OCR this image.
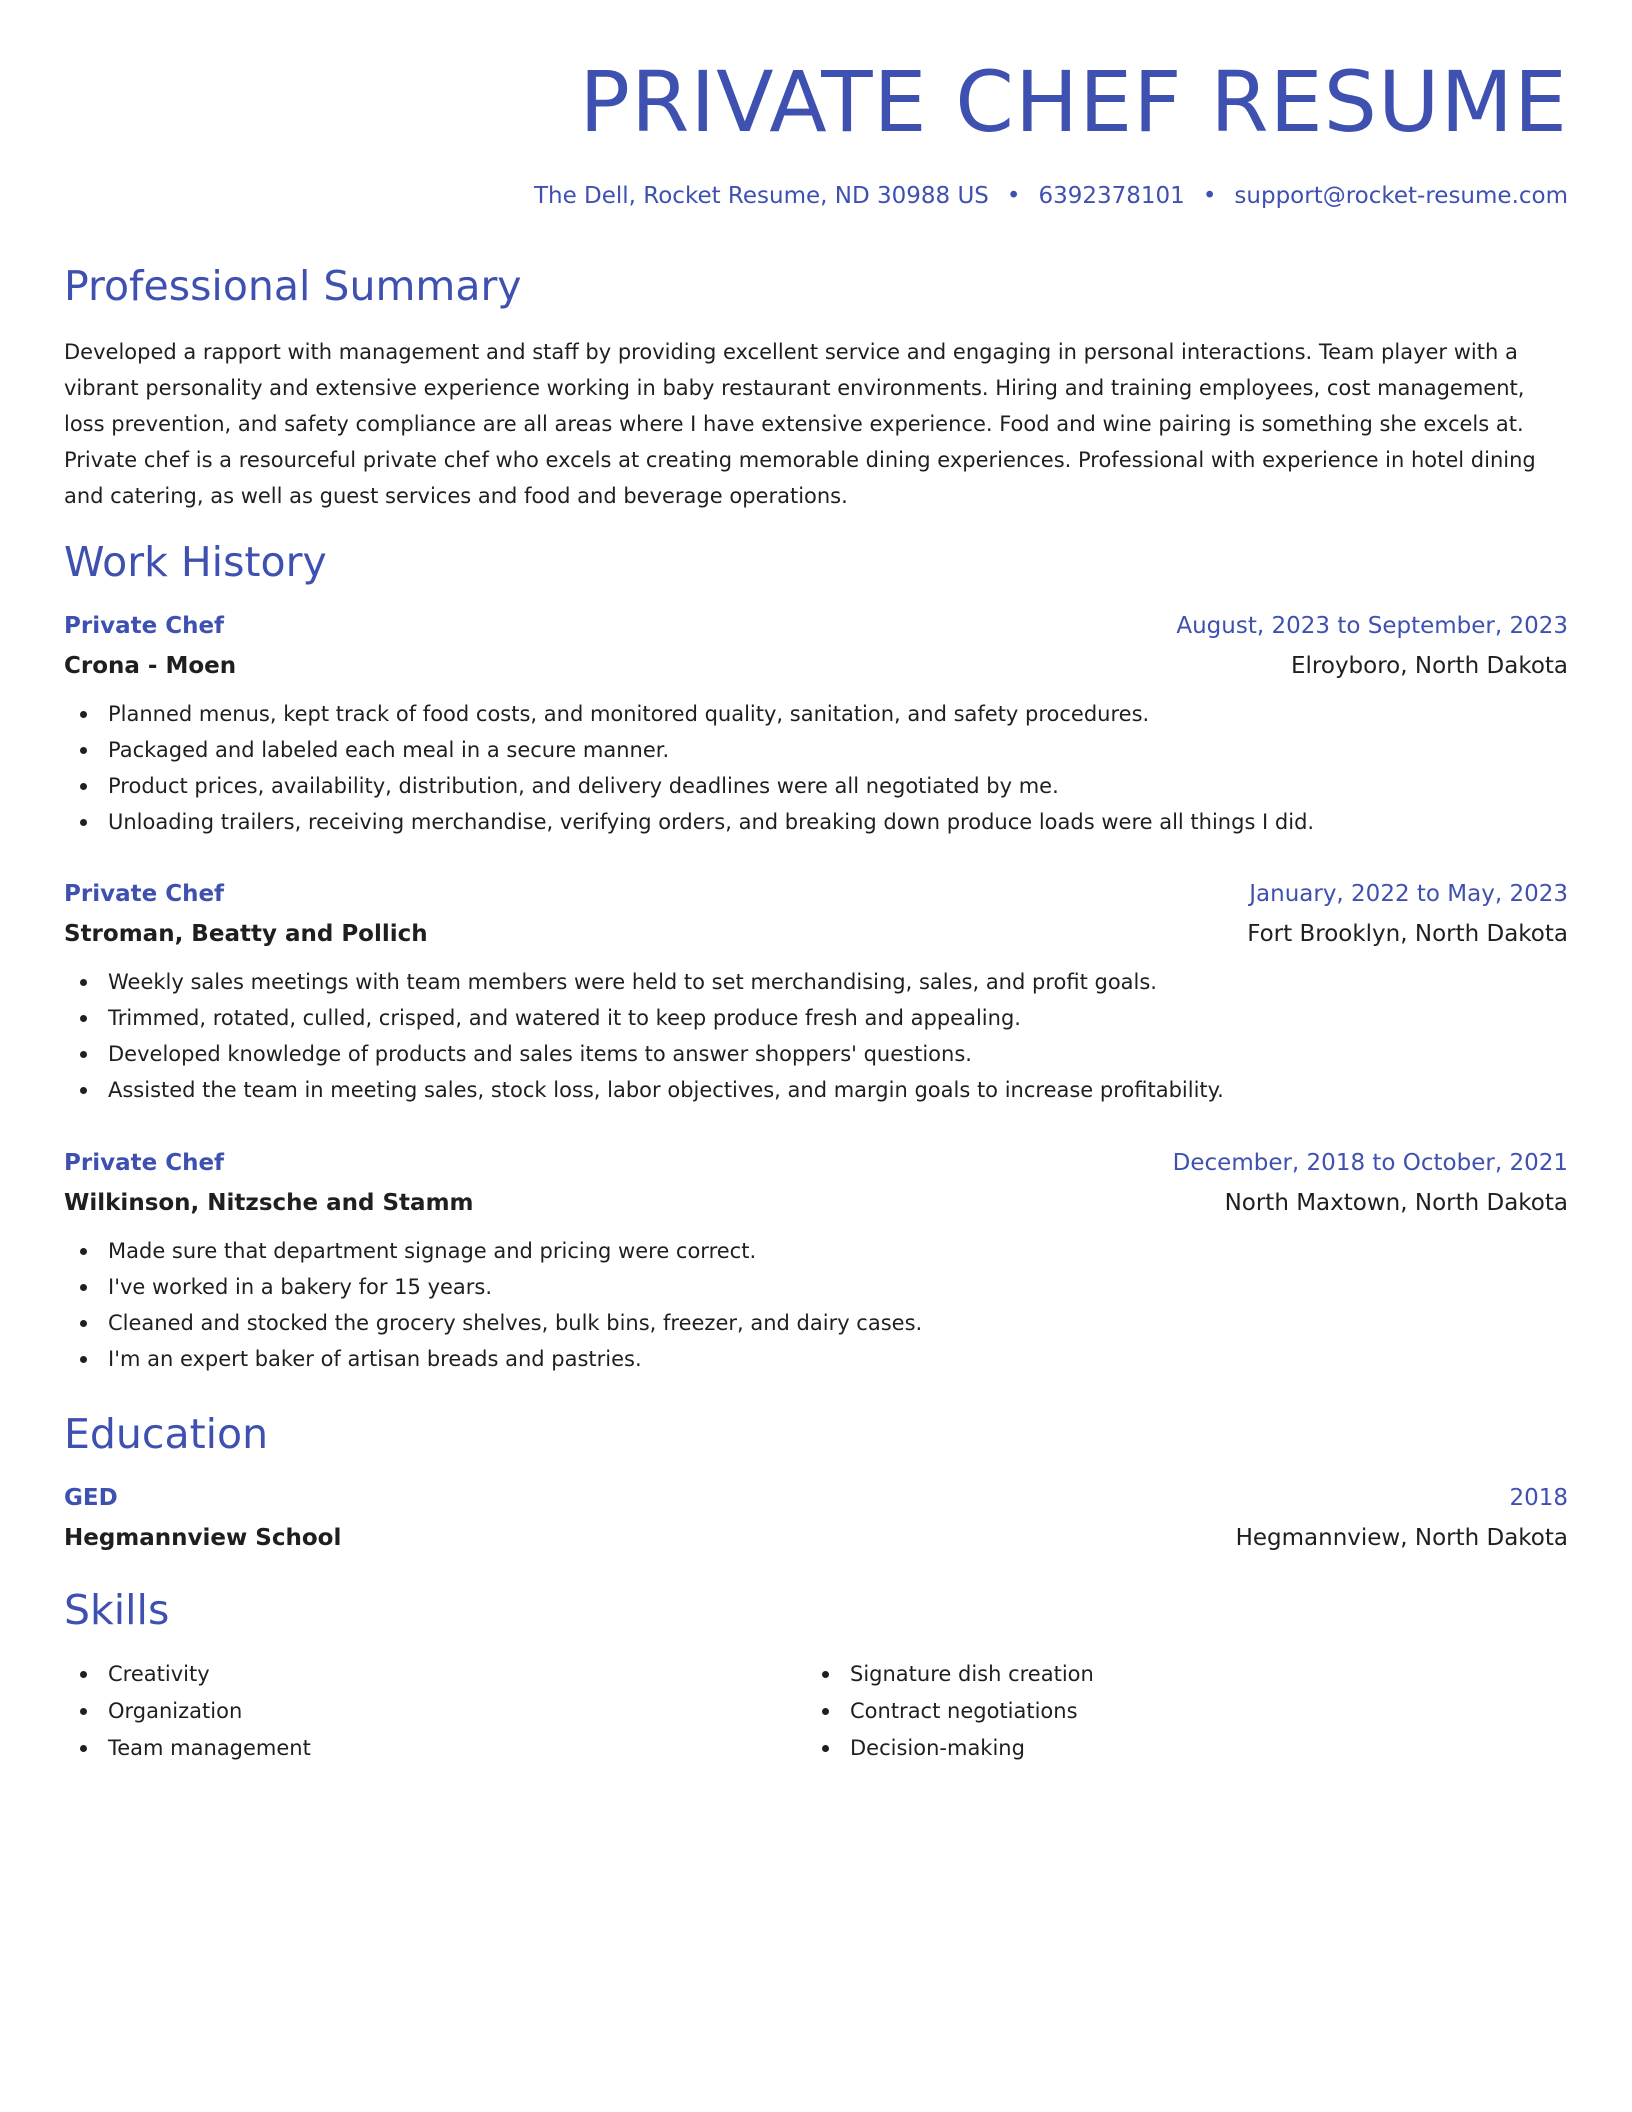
PRIVATE CHEF RESUME
The Dell, Rocket Resume, ND 30988 US • 6392378101 • support@rocket-resume.com
Professional Summary

Developed a rapport with management and staff by providing excellent service and engaging in personal interactions. Team player with a vibrant personality and extensive experience working in baby restaurant environments. Hiring and training employees, cost management, loss prevention, and safety compliance are all areas where I have extensive experience. Food and wine pairing is something she excels at. Private chef is a resourceful private chef who excels at creating memorable dining experiences. Professional with experience in hotel dining and catering, as well as guest services and food and beverage operations.

Work History
Private Chef	August, 2023 to September, 2023
Crona - Moen	Elroyboro, North Dakota
Planned menus, kept track of food costs, and monitored quality, sanitation, and safety procedures.
Packaged and labeled each meal in a secure manner.
Product prices, availability, distribution, and delivery deadlines were all negotiated by me.
Unloading trailers, receiving merchandise, verifying orders, and breaking down produce loads were all things I did.
Private Chef	January, 2022 to May, 2023
Stroman, Beatty and Pollich	Fort Brooklyn, North Dakota
Weekly sales meetings with team members were held to set merchandising, sales, and profit goals.
Trimmed, rotated, culled, crisped, and watered it to keep produce fresh and appealing.
Developed knowledge of products and sales items to answer shoppers' questions.
Assisted the team in meeting sales, stock loss, labor objectives, and margin goals to increase profitability.
Private Chef	December, 2018 to October, 2021
Wilkinson, Nitzsche and Stamm	North Maxtown, North Dakota
Made sure that department signage and pricing were correct.
I've worked in a bakery for 15 years.
Cleaned and stocked the grocery shelves, bulk bins, freezer, and dairy cases.
I'm an expert baker of artisan breads and pastries.
Education
GED	2018
Hegmannview School	Hegmannview, North Dakota
Skills
Creativity
Organization
Team management
Signature dish creation
Contract negotiations
Decision-making
